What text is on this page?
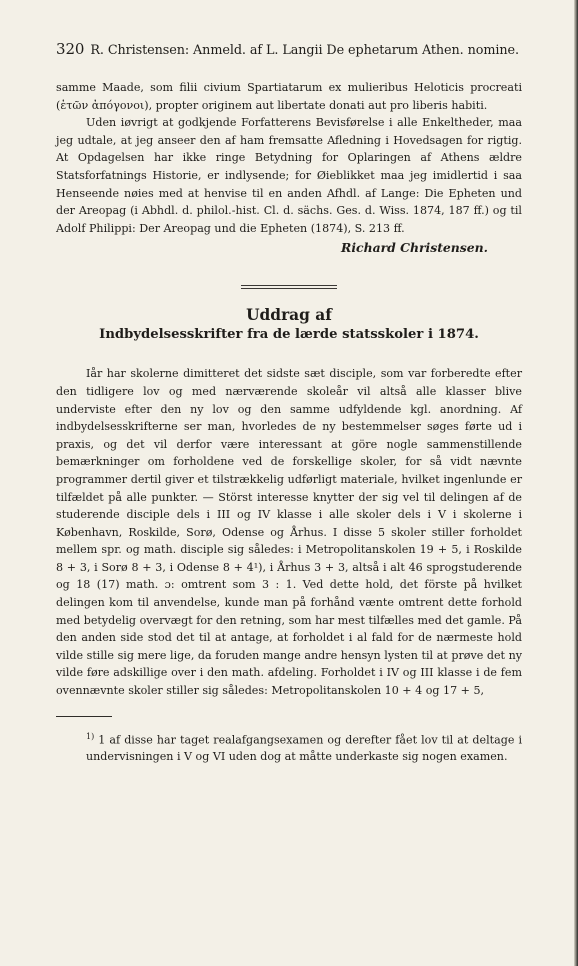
320 R. Christensen: Anmeld. af L. Langii De ephetarum Athen. nomine.

samme Maade, som filii civium Spartiatarum ex mulieribus Heloticis procreati (ἑτῶν ἀπόγονοι), propter originem aut libertate donati aut pro liberis habiti.

Uden iøvrigt at godkjende Forfatterens Bevisførelse i alle Enkeltheder, maa jeg udtale, at jeg anseer den af ham fremsatte Afledning i Hovedsagen for rigtig. At Opdagelsen har ikke ringe Betydning for Oplaringen af Athens ældre Statsforfatnings Historie, er indlysende; for Øieblikket maa jeg imidlertid i saa Henseende nøies med at henvise til en anden Afhdl. af Lange: Die Epheten und der Areopag (i Abhdl. d. philol.-hist. Cl. d. sächs. Ges. d. Wiss. 1874, 187 ff.) og til Adolf Philippi: Der Areopag und die Epheten (1874), S. 213 ff.

Richard Christensen.
Uddrag af
Indbydelsesskrifter fra de lærde statsskoler i 1874.

Iår har skolerne dimitteret det sidste sæt disciple, som var forberedte efter den tidligere lov og med nærværende skoleår vil altså alle klasser blive underviste efter den ny lov og den samme udfyldende kgl. anordning. Af indbydelsesskrifterne ser man, hvorledes de ny bestemmelser søges førte ud i praxis, og det vil derfor være interessant at göre nogle sammenstillende bemærkninger om forholdene ved de forskellige skoler, for så vidt nævnte programmer dertil giver et tilstrækkelig udførligt materiale, hvilket ingenlunde er tilfældet på alle punkter. — Störst interesse knytter der sig vel til delingen af de studerende disciple dels i III og IV klasse i alle skoler dels i V i skolerne i København, Roskilde, Sorø, Odense og Århus. I disse 5 skoler stiller forholdet mellem spr. og math. disciple sig således: i Metropolitanskolen 19 + 5, i Roskilde 8 + 3, i Sorø 8 + 3, i Odense 8 + 4¹), i Århus 3 + 3, altså i alt 46 sprogstuderende og 18 (17) math. ɔ: omtrent som 3 : 1. Ved dette hold, det förste på hvilket delingen kom til anvendelse, kunde man på forhånd vænte omtrent dette forhold med betydelig overvægt for den retning, som har mest tilfælles med det gamle. På den anden side stod det til at antage, at forholdet i al fald for de nærmeste hold vilde stille sig mere lige, da foruden mange andre hensyn lysten til at prøve det ny vilde føre adskillige over i den math. afdeling. Forholdet i IV og III klasse i de fem ovennævnte skoler stiller sig således: Metropolitanskolen 10 + 4 og 17 + 5,

$^{1)}$ 1 af disse har taget realafgangsexamen og derefter fået lov til at deltage i undervisningen i V og VI uden dog at måtte underkaste sig nogen examen.
